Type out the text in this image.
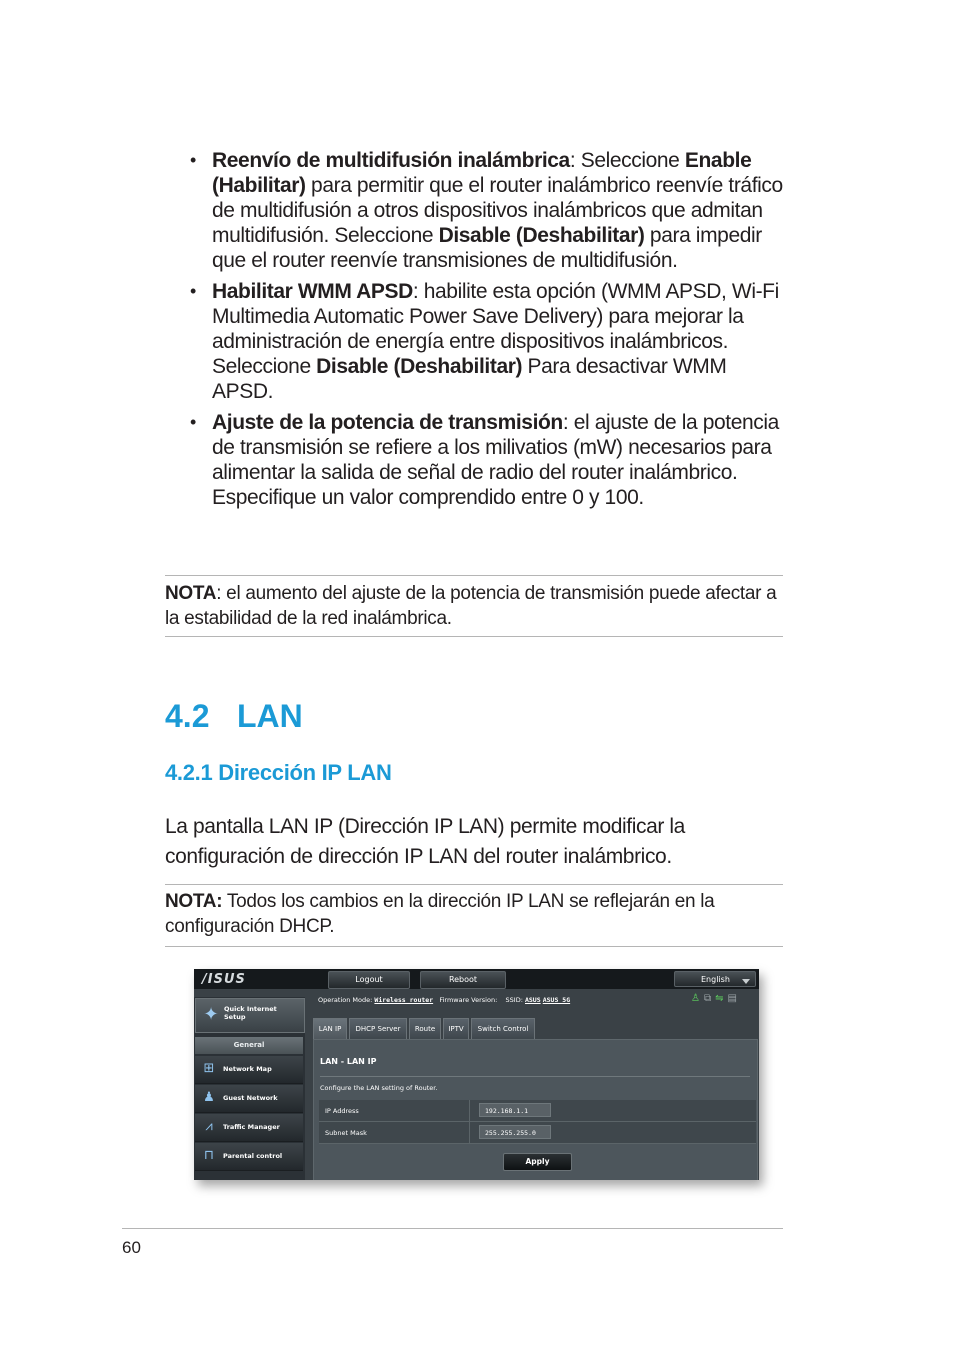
• Reenvío de multidifusión inalámbrica: Seleccione Enable (Habilitar) para permitir que el router inalámbrico reenvíe tráfico de multidifusión a otros dispositivos inalámbricos que admitan multidifusión. Seleccione Disable (Deshabilitar) para impedir que el router reenvíe transmisiones de multidifusión.
• Habilitar WMM APSD: habilite esta opción (WMM APSD, Wi-Fi Multimedia Automatic Power Save Delivery) para mejorar la administración de energía entre dispositivos inalámbricos. Seleccione Disable (Deshabilitar) Para desactivar WMM APSD.
• Ajuste de la potencia de transmisión: el ajuste de la potencia de transmisión se refiere a los milivatios (mW) necesarios para alimentar la salida de señal de radio del router inalámbrico. Especifique un valor comprendido entre 0 y 100.
NOTA: el aumento del ajuste de la potencia de transmisión puede afectar a la estabilidad de la red inalámbrica.
4.2 LAN
4.2.1 Dirección IP LAN
La pantalla LAN IP (Dirección IP LAN) permite modificar la configuración de dirección IP LAN del router inalámbrico.
NOTA: Todos los cambios en la dirección IP LAN se reflejarán en la configuración DHCP.
/ISUS	Logout	Reboot	English
Operation Mode: Wireless router Firmware Version: SSID: ASUS ASUS_5G	♙⧉⇋▤
✦ Quick Internet Setup
General
⊞	Network Map
♟	Guest Network
⩘	Traffic Manager
⊓	Parental control
LAN IP	DHCP Server	Route	IPTV	Switch Control
LAN - LAN IP
Configure the LAN setting of Router.
IP Address	192.168.1.1
Subnet Mask	255.255.255.0
Apply
60
